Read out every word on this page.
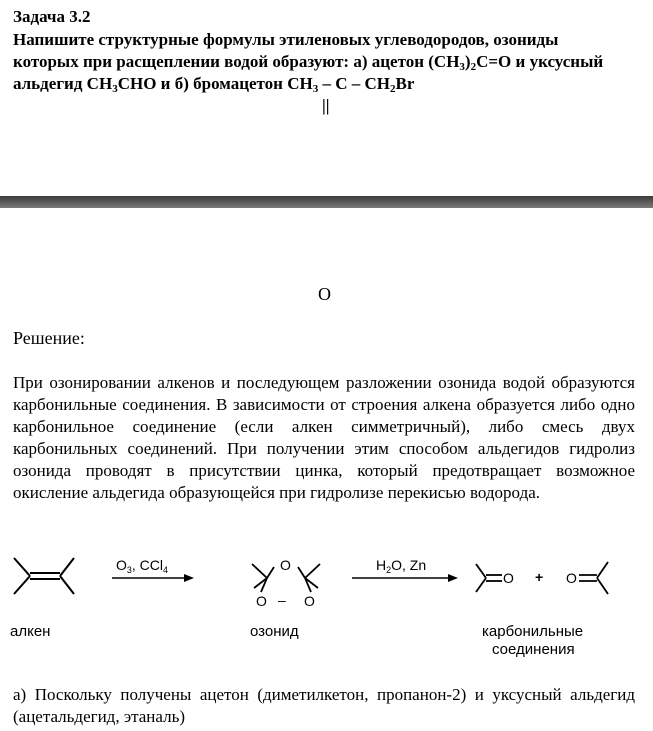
Задача 3.2

Напишите структурные формулы этиленовых углеводородов, озониды
которых при расщеплении водой образуют: а) ацетон $(CH_3)_2C=O$ и уксусный
альдегид $CH_3CHO$ и б) бромацетон $CH_3$ – C – $CH_2Br$

||
O
Решение:

При озонировании алкенов и последующем разложении озонида водой образуются карбонильные соединения. В зависимости от строения алкена образуется либо одно карбонильное соединение (если алкен симметричный), либо смесь двух карбонильных соединений. При получении этим способом альдегидов гидролиз озонида проводят в присутствии цинка, который предотвращает возможное окисление альдегида образующейся при гидролизе перекисью водорода.

$O_3$, CCl$_4$	O
O – O
$H_2O$, Zn
O + O
алкен	озонид	карбонильные
соединения

а) Поскольку получены ацетон (диметилкетон, пропанон-2) и уксусный альдегид (ацетальдегид, этаналь)
